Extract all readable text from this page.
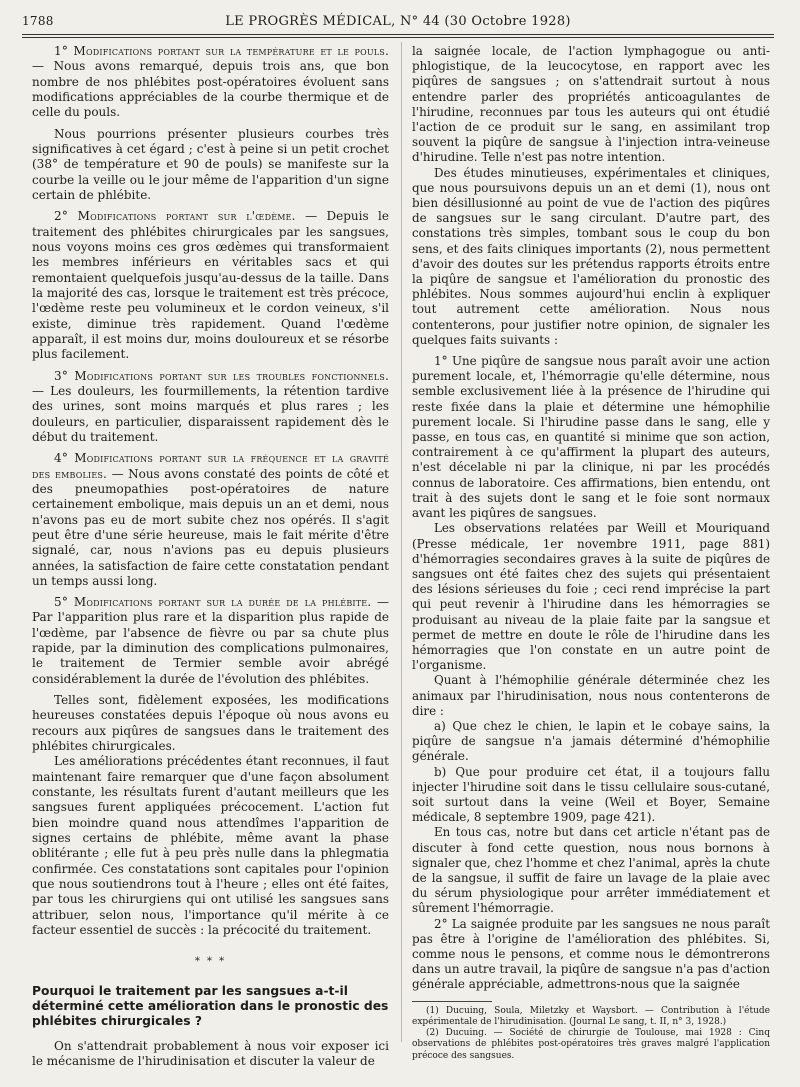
1788	LE PROGRÈS MÉDICAL, N° 44 (30 Octobre 1928)

1° Modifications portant sur la température et le pouls. — Nous avons remarqué, depuis trois ans, que bon nombre de nos phlébites post-opératoires évoluent sans modifications appréciables de la courbe thermique et de celle du pouls.

Nous pourrions présenter plusieurs courbes très significatives à cet égard ; c'est à peine si un petit crochet (38° de température et 90 de pouls) se manifeste sur la courbe la veille ou le jour même de l'apparition d'un signe certain de phlébite.

2° Modifications portant sur l'œdème. — Depuis le traitement des phlébites chirurgicales par les sangsues, nous voyons moins ces gros œdèmes qui transformaient les membres inférieurs en véritables sacs et qui remontaient quelquefois jusqu'au-dessus de la taille. Dans la majorité des cas, lorsque le traitement est très précoce, l'œdème reste peu volumineux et le cordon veineux, s'il existe, diminue très rapidement. Quand l'œdème apparaît, il est moins dur, moins douloureux et se résorbe plus facilement.

3° Modifications portant sur les troubles fonctionnels. — Les douleurs, les fourmillements, la rétention tardive des urines, sont moins marqués et plus rares ; les douleurs, en particulier, disparaissent rapidement dès le début du traitement.

4° Modifications portant sur la fréquence et la gravité des embolies. — Nous avons constaté des points de côté et des pneumopathies post-opératoires de nature certainement embolique, mais depuis un an et demi, nous n'avons pas eu de mort subite chez nos opérés. Il s'agit peut être d'une série heureuse, mais le fait mérite d'être signalé, car, nous n'avions pas eu depuis plusieurs années, la satisfaction de faire cette constatation pendant un temps aussi long.

5° Modifications portant sur la durée de la phlébite. — Par l'apparition plus rare et la disparition plus rapide de l'œdème, par l'absence de fièvre ou par sa chute plus rapide, par la diminution des complications pulmonaires, le traitement de Termier semble avoir abrégé considérablement la durée de l'évolution des phlébites.

Telles sont, fidèlement exposées, les modifications heureuses constatées depuis l'époque où nous avons eu recours aux piqûres de sangsues dans le traitement des phlébites chirurgicales.

Les améliorations précédentes étant reconnues, il faut maintenant faire remarquer que d'une façon absolument constante, les résultats furent d'autant meilleurs que les sangsues furent appliquées précocement. L'action fut bien moindre quand nous attendîmes l'apparition de signes certains de phlébite, même avant la phase oblitérante ; elle fut à peu près nulle dans la phlegmatia confirmée. Ces constatations sont capitales pour l'opinion que nous soutiendrons tout à l'heure ; elles ont été faites, par tous les chirurgiens qui ont utilisé les sangsues sans attribuer, selon nous, l'importance qu'il mérite à ce facteur essentiel de succès : la précocité du traitement.

* * *
Pourquoi le traitement par les sangsues a-t-il déterminé cette amélioration dans le pronostic des phlébites chirurgicales ?

On s'attendrait probablement à nous voir exposer ici le mécanisme de l'hirudinisation et discuter la valeur de

la saignée locale, de l'action lymphagogue ou anti-phlogistique, de la leucocytose, en rapport avec les piqûres de sangsues ; on s'attendrait surtout à nous entendre parler des propriétés anticoagulantes de l'hirudine, reconnues par tous les auteurs qui ont étudié l'action de ce produit sur le sang, en assimilant trop souvent la piqûre de sangsue à l'injection intra-veineuse d'hirudine. Telle n'est pas notre intention.

Des études minutieuses, expérimentales et cliniques, que nous poursuivons depuis un an et demi (1), nous ont bien désillusionné au point de vue de l'action des piqûres de sangsues sur le sang circulant. D'autre part, des constations très simples, tombant sous le coup du bon sens, et des faits cliniques importants (2), nous permettent d'avoir des doutes sur les prétendus rapports étroits entre la piqûre de sangsue et l'amélioration du pronostic des phlébites. Nous sommes aujourd'hui enclin à expliquer tout autrement cette amélioration. Nous nous contenterons, pour justifier notre opinion, de signaler les quelques faits suivants :

1° Une piqûre de sangsue nous paraît avoir une action purement locale, et, l'hémorragie qu'elle détermine, nous semble exclusivement liée à la présence de l'hirudine qui reste fixée dans la plaie et détermine une hémophilie purement locale. Si l'hirudine passe dans le sang, elle y passe, en tous cas, en quantité si minime que son action, contrairement à ce qu'affirment la plupart des auteurs, n'est décelable ni par la clinique, ni par les procédés connus de laboratoire. Ces affirmations, bien entendu, ont trait à des sujets dont le sang et le foie sont normaux avant les piqûres de sangsues.

Les observations relatées par Weill et Mouriquand (Presse médicale, 1er novembre 1911, page 881) d'hémorragies secondaires graves à la suite de piqûres de sangsues ont été faites chez des sujets qui présentaient des lésions sérieuses du foie ; ceci rend imprécise la part qui peut revenir à l'hirudine dans les hémorragies se produisant au niveau de la plaie faite par la sangsue et permet de mettre en doute le rôle de l'hirudine dans les hémorragies que l'on constate en un autre point de l'organisme.

Quant à l'hémophilie générale déterminée chez les animaux par l'hirudinisation, nous nous contenterons de dire :

a) Que chez le chien, le lapin et le cobaye sains, la piqûre de sangsue n'a jamais déterminé d'hémophilie générale.

b) Que pour produire cet état, il a toujours fallu injecter l'hirudine soit dans le tissu cellulaire sous-cutané, soit surtout dans la veine (Weil et Boyer, Semaine médicale, 8 septembre 1909, page 421).

En tous cas, notre but dans cet article n'étant pas de discuter à fond cette question, nous nous bornons à signaler que, chez l'homme et chez l'animal, après la chute de la sangsue, il suffit de faire un lavage de la plaie avec du sérum physiologique pour arrêter immédiatement et sûrement l'hémorragie.

2° La saignée produite par les sangsues ne nous paraît pas être à l'origine de l'amélioration des phlébites. Si, comme nous le pensons, et comme nous le démontrerons dans un autre travail, la piqûre de sangsue n'a pas d'action générale appréciable, admettrons-nous que la saignée

(1) Ducuing, Soula, Miletzky et Waysbort. — Contribution à l'étude expérimentale de l'hirudinisation. (Journal Le sang, t. II, n° 3, 1928.)

(2) Ducuing. — Société de chirurgie de Toulouse, mai 1928 : Cinq observations de phlébites post-opératoires très graves malgré l'application précoce des sangsues.
